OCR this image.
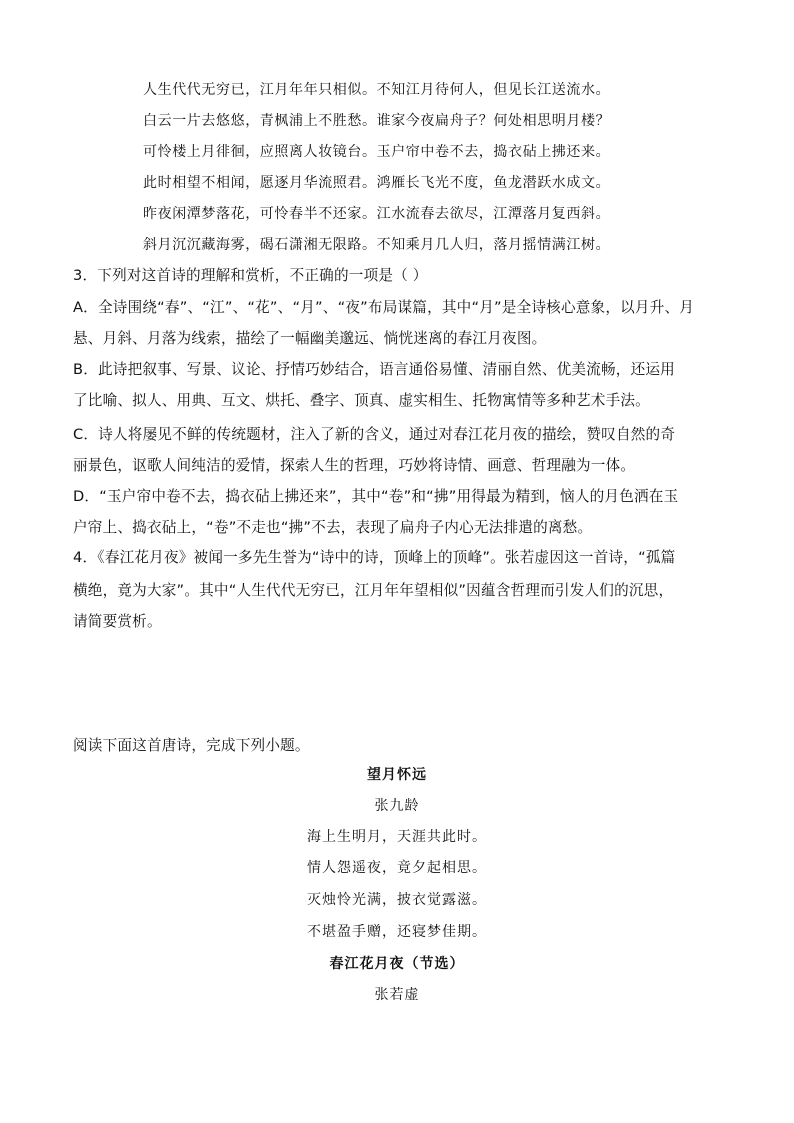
人生代代无穷已，江月年年只相似。不知江月待何人，但见长江送流水。
白云一片去悠悠，青枫浦上不胜愁。谁家今夜扁舟子？何处相思明月楼？
可怜楼上月徘徊，应照离人妆镜台。玉户帘中卷不去，捣衣砧上拂还来。
此时相望不相闻，愿逐月华流照君。鸿雁长飞光不度，鱼龙潜跃水成文。
昨夜闲潭梦落花，可怜春半不还家。江水流春去欲尽，江潭落月复西斜。
斜月沉沉藏海雾，碣石潇湘无限路。不知乘月几人归，落月摇情满江树。
3．下列对这首诗的理解和赏析，不正确的一项是（ ）
A．全诗围绕“春”、“江”、“花”、“月”、“夜”布局谋篇，其中“月”是全诗核心意象，以月升、月
悬、月斜、月落为线索，描绘了一幅幽美邈远、惝恍迷离的春江月夜图。
B．此诗把叙事、写景、议论、抒情巧妙结合，语言通俗易懂、清丽自然、优美流畅，还运用
了比喻、拟人、用典、互文、烘托、叠字、顶真、虚实相生、托物寓情等多种艺术手法。
C．诗人将屡见不鲜的传统题材，注入了新的含义，通过对春江花月夜的描绘，赞叹自然的奇
丽景色，讴歌人间纯洁的爱情，探索人生的哲理，巧妙将诗情、画意、哲理融为一体。
D．“玉户帘中卷不去，捣衣砧上拂还来”，其中“卷”和“拂”用得最为精到，恼人的月色洒在玉
户帘上、捣衣砧上，“卷”不走也“拂”不去，表现了扁舟子内心无法排遣的离愁。
4．《春江花月夜》被闻一多先生誉为“诗中的诗，顶峰上的顶峰”。张若虚因这一首诗，“孤篇
横绝，竟为大家”。其中“人生代代无穷已，江月年年望相似”因蕴含哲理而引发人们的沉思，
请简要赏析。
阅读下面这首唐诗，完成下列小题。
望月怀远
张九龄
海上生明月，天涯共此时。
情人怨遥夜，竟夕起相思。
灭烛怜光满，披衣觉露滋。
不堪盈手赠，还寝梦佳期。
春江花月夜（节选）
张若虚
